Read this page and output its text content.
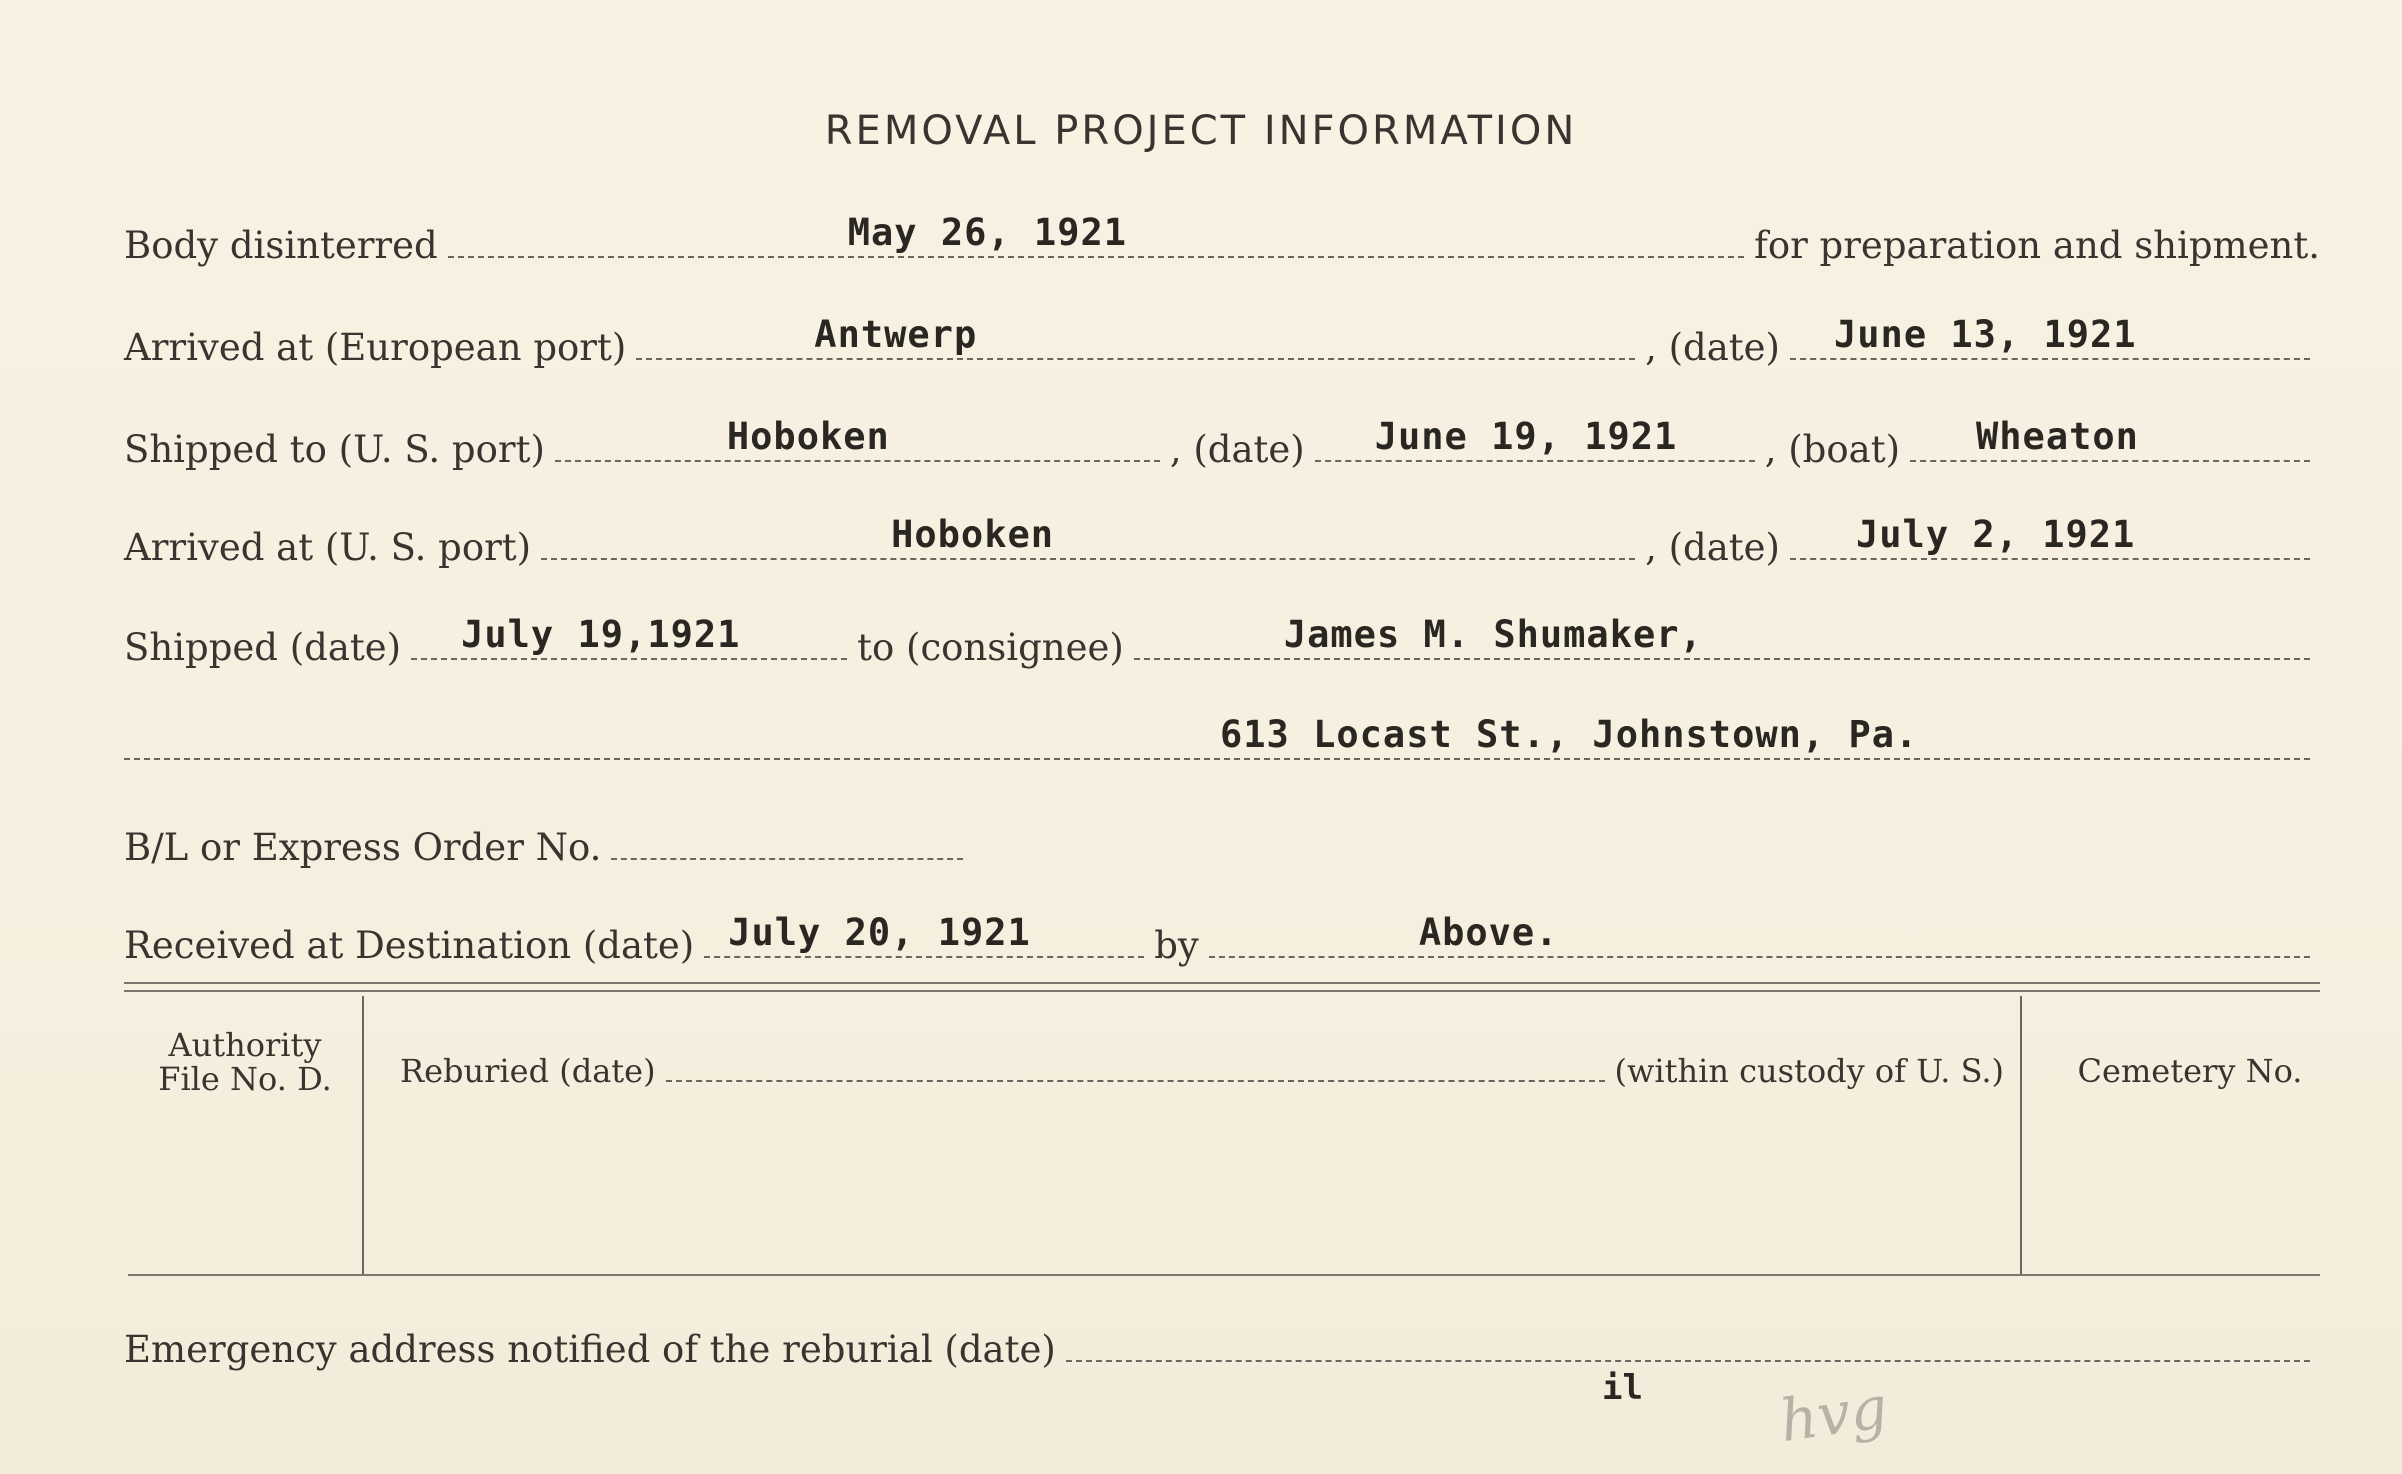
REMOVAL PROJECT INFORMATION
Body disinterred	May 26, 1921	for preparation and shipment.
Arrived at (European port)	Antwerp	, (date) June 13, 1921
Shipped to (U. S. port)	Hoboken	, (date) June 19, 1921 , (boat) Wheaton
Arrived at (U. S. port)	Hoboken	, (date) July 2, 1921
Shipped (date) July 19,1921	to (consignee)	James M. Shumaker,
613 Locast St., Johnstown, Pa.
B/L or Express Order No.
Received at Destination (date) July 20, 1921	by	Above.
Authority
File No. D.	Reburied (date)	(within custody of U. S.)	Cemetery No.
Emergency address notified of the reburial (date)
il hvg
